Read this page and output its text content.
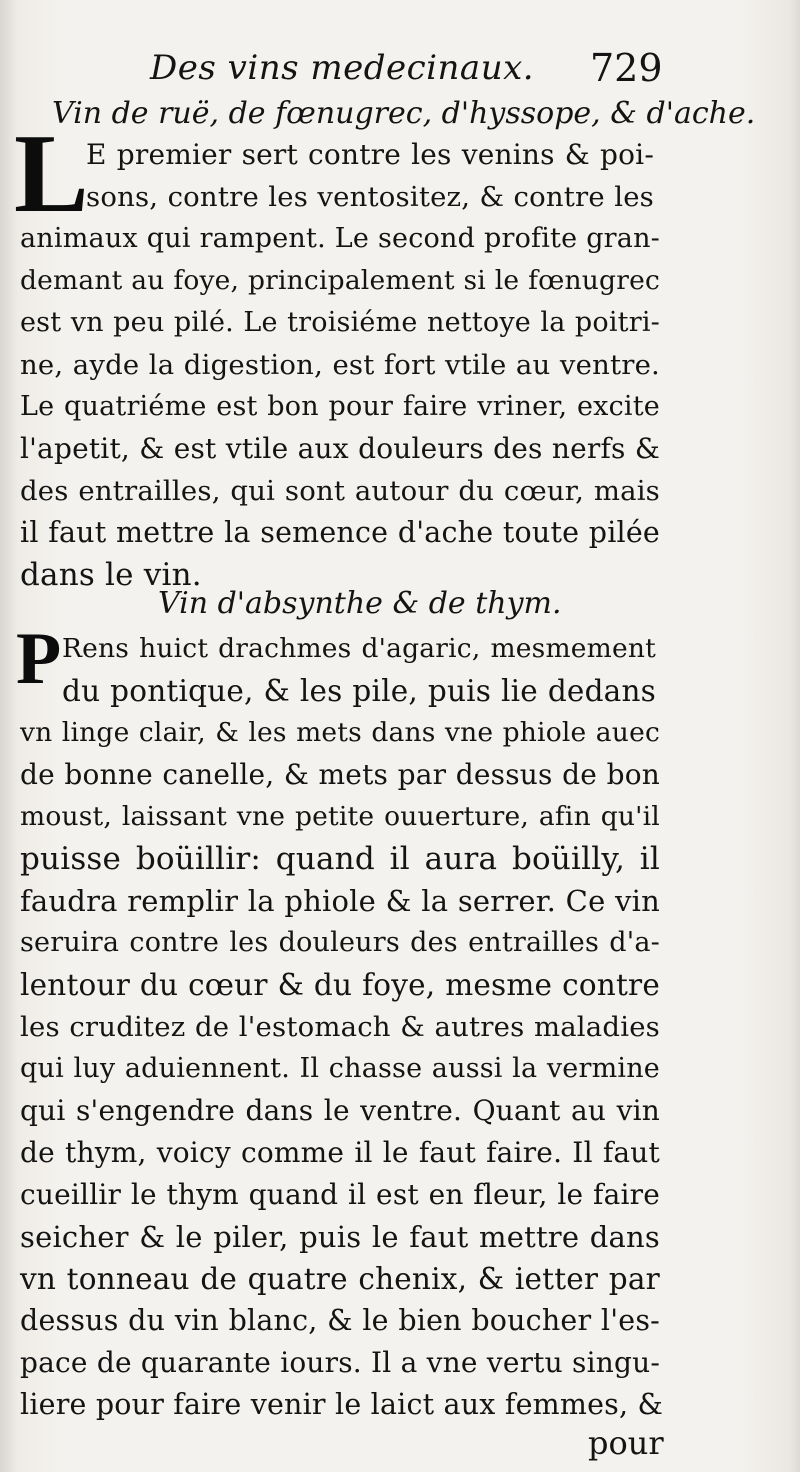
Des vins medecinaux.	729
Vin de ruë, de fœnugrec, d'hyssope, & d'ache.
L
E premier sert contre les venins & poi-
sons, contre les ventositez, & contre les
animaux qui rampent. Le second profite gran-
demant au foye, principalement si le fœnugrec
est vn peu pilé. Le troisiéme nettoye la poitri-
ne, ayde la digestion, est fort vtile au ventre.
Le quatriéme est bon pour faire vriner, excite
l'apetit, & est vtile aux douleurs des nerfs &
des entrailles, qui sont autour du cœur, mais
il faut mettre la semence d'ache toute pilée
dans le vin.
Vin d'absynthe & de thym.
P Rens huict drachmes d'agaric, mesmement
du pontique, & les pile, puis lie dedans
vn linge clair, & les mets dans vne phiole auec
de bonne canelle, & mets par dessus de bon
moust, laissant vne petite ouuerture, afin qu'il
puisse boüillir: quand il aura boüilly, il
faudra remplir la phiole & la serrer. Ce vin
seruira contre les douleurs des entrailles d'a-
lentour du cœur & du foye, mesme contre
les cruditez de l'estomach & autres maladies
qui luy aduiennent. Il chasse aussi la vermine
qui s'engendre dans le ventre. Quant au vin
de thym, voicy comme il le faut faire. Il faut
cueillir le thym quand il est en fleur, le faire
seicher & le piler, puis le faut mettre dans
vn tonneau de quatre chenix, & ietter par
dessus du vin blanc, & le bien boucher l'es-
pace de quarante iours. Il a vne vertu singu-
liere pour faire venir le laict aux femmes, &
pour
